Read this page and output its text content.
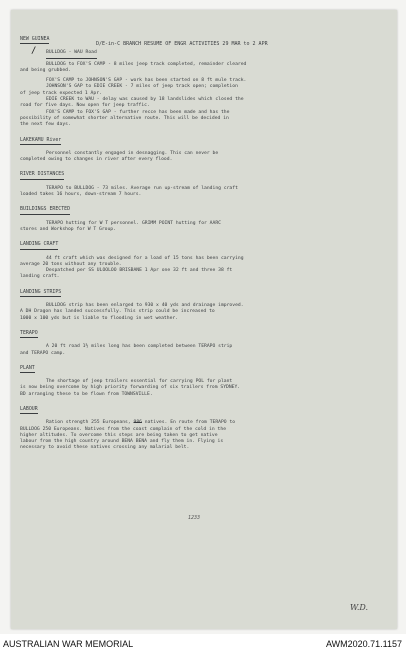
/
D/E-in-C BRANCH RESUME OF ENGR ACTIVITIES 29 MAR to 2 APR
NEW GUINEA
BULLDOG - WAU Road

BULLDOG to FOX'S CAMP - 8 miles jeep track completed, remainder cleared
and being grubbed.

FOX'S CAMP to JOHNSON'S GAP - work has been started on 8 ft mule track.

JOHNSON'S GAP to EDIE CREEK - 7 miles of jeep track open; completion
of jeep track expected 1 Apr.

EDIE CREEK to WAU - delay was caused by 18 landslides which closed the
road for five days. Now open for jeep traffic.

FOX'S CAMP to FOX'S GAP - further recce has been made and has the
possibility of somewhat shorter alternative route. This will be decided in
the next few days.

LAKEKAMU River

Personnel constantly engaged in desnagging. This can never be
completed owing to changes in river after every flood.

RIVER DISTANCES

TERAPO to BULLDOG - 73 miles. Average run up-stream of landing craft
loaded takes 16 hours, down-stream 7 hours.

BUILDINGS ERECTED

TERAPO hutting for W T personnel. GRIMM POINT hutting for AARC
stores and Workshop for W T Group.

LANDING CRAFT

44 ft craft which was designed for a load of 15 tons has been carrying
average 20 tons without any trouble.

Despatched per SS ULOOLOO BRISBANE 1 Apr one 32 ft and three 38 ft
landing craft.

LANDING STRIPS

BULLDOG strip has been enlarged to 930 x 40 yds and drainage improved.
A DH Dragon has landed successfully. This strip could be increased to
1000 x 100 yds but is liable to flooding in wet weather.

TERAPO

A 20 ft road 1½ miles long has been completed between TERAPO strip
and TERAPO camp.

PLANT

The shortage of jeep trailers essential for carrying POL for plant
is now being overcome by high priority forwarding of six trailers from SYDNEY.
BD arranging these to be flown from TOWNSVILLE.

LABOUR

Ration strength 255 Europeans, 986 natives. En route from TERAPO to

BULLDOG 250 Europeans. Natives from the coast complain of the cold in the
higher altitudes. To overcome this steps are being taken to get native
labour from the high country around BENA BENA and fly them in. Flying is
necessary to avoid these natives crossing any malarial belt.

1233
W.D.
AUSTRALIAN WAR MEMORIAL	AWM2020.71.1157
